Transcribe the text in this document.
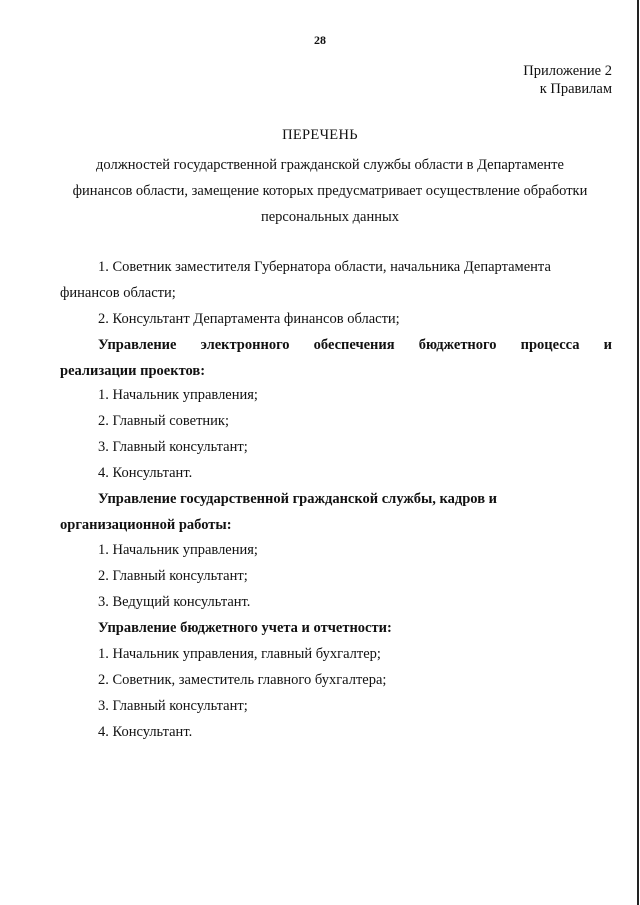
28
Приложение 2
к Правилам
ПЕРЕЧЕНЬ
должностей государственной гражданской службы области в Департаменте
финансов области, замещение которых предусматривает осуществление обработки
персональных данных
1. Советник заместителя Губернатора области, начальника Департамента
финансов области;
2. Консультант Департамента финансов области;
Управление электронного обеспечения бюджетного процесса и
реализации проектов:
1. Начальник управления;
2. Главный советник;
3. Главный консультант;
4. Консультант.
Управление государственной гражданской службы, кадров и
организационной работы:
1. Начальник управления;
2. Главный консультант;
3. Ведущий консультант.
Управление бюджетного учета и отчетности:
1. Начальник управления, главный бухгалтер;
2. Советник, заместитель главного бухгалтера;
3. Главный консультант;
4. Консультант.
